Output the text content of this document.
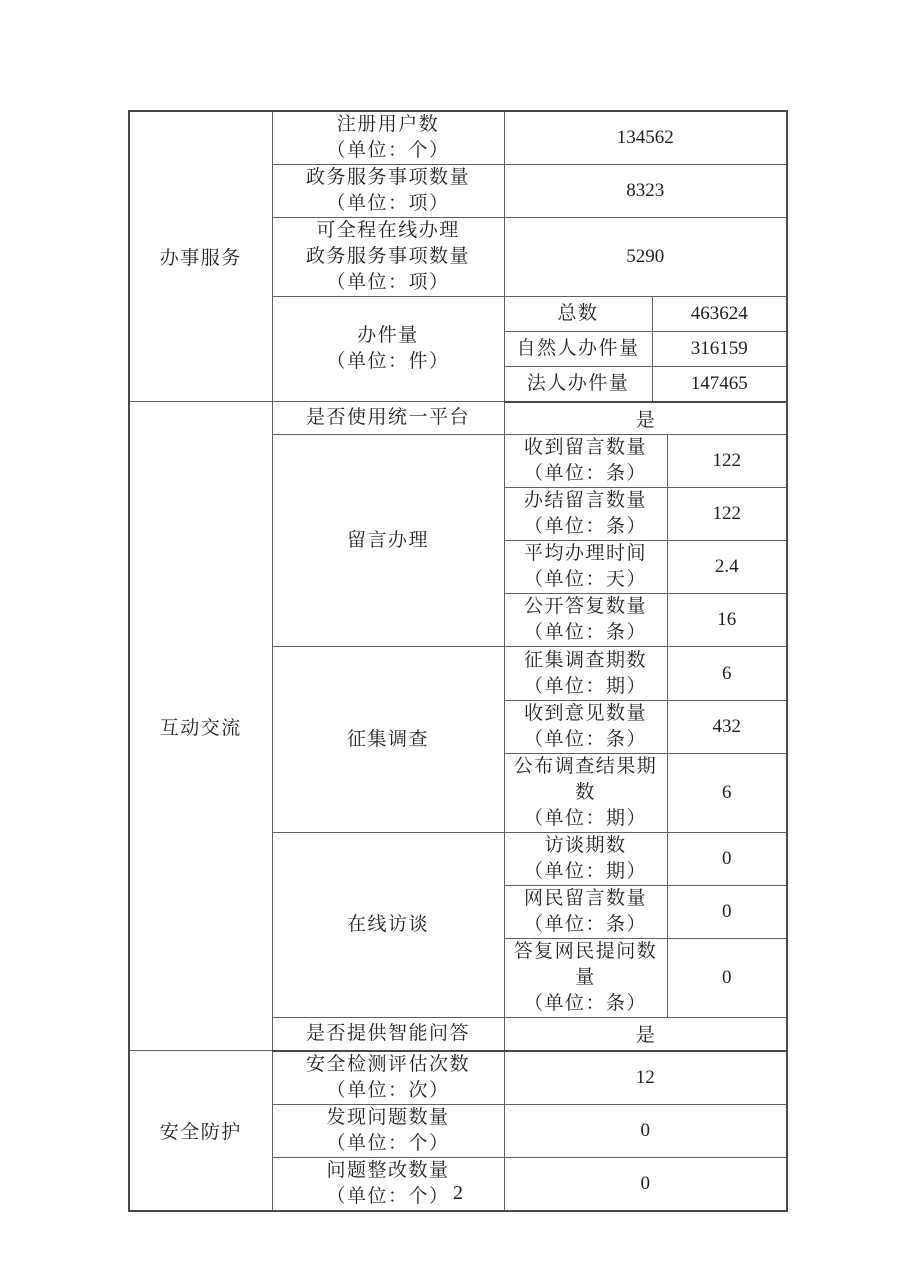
办事服务	注册用户数
（单位：个）	134562		

	政务服务事项数量
（单位：项）	8323		

	可全程在线办理
政务服务事项数量
（单位：项）	5290		

	办件量
（单位：件）	总数	463624	
		自然人办件量	316159	
		法人办件量	147465	
互动交流	是否使用统一平台	是		
	留言办理	收到留言数量
（单位：条）		122

		办结留言数量
（单位：条）		122

		平均办理时间
（单位：天）		2.4

		公开答复数量
（单位：条）		16
	征集调查	征集调查期数
（单位：期）		6

		收到意见数量
（单位：条）		432

		公布调查结果期数
（单位：期）		6
	在线访谈	访谈期数
（单位：期）		0

		网民留言数量
（单位：条）		0

		答复网民提问数量
（单位：条）		0
	是否提供智能问答	是		
安全防护	安全检测评估次数
（单位：次）	12		

	发现问题数量
（单位：个）	0		

	问题整改数量
（单位：个）	0		
2
